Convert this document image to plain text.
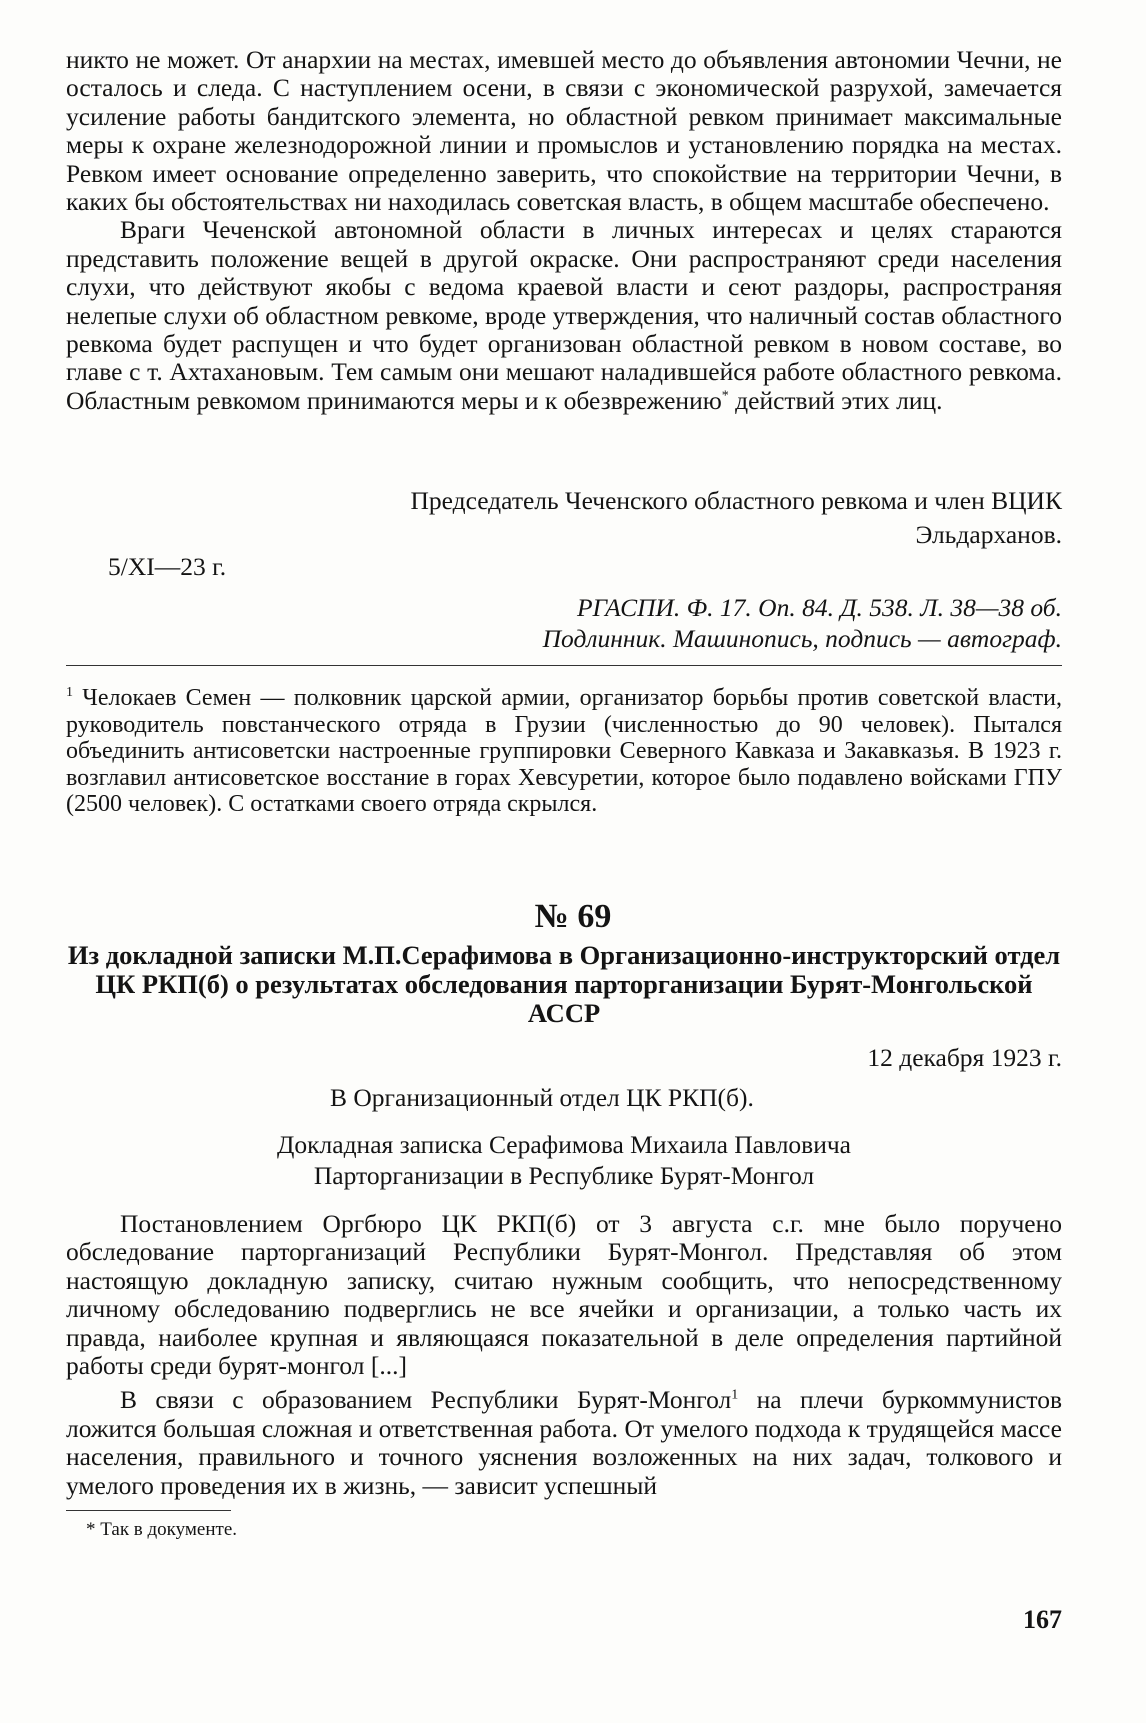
никто не может. От анархии на местах, имевшей место до объявления автономии Чечни, не осталось и следа. С наступлением осени, в связи с экономической разрухой, замечается усиление работы бандитского элемента, но областной ревком принимает максимальные меры к охране железнодорожной линии и промыслов и установлению порядка на местах. Ревком имеет основание определенно заверить, что спокойствие на территории Чечни, в каких бы обстоятельствах ни находилась советская власть, в общем масштабе обеспечено.

Враги Чеченской автономной области в личных интересах и целях стараются представить положение вещей в другой окраске. Они распространяют среди населения слухи, что действуют якобы с ведома краевой власти и сеют раздоры, распространяя нелепые слухи об областном ревкоме, вроде утверждения, что наличный состав областного ревкома будет распущен и что будет организован областной ревком в новом составе, во главе с т. Ахтахановым. Тем самым они мешают наладившейся работе областного ревкома. Областным ревкомом принимаются меры и к обезврежению* действий этих лиц.

Председатель Чеченского областного ревкома и член ВЦИК
Эльдарханов.
5/XI—23 г.
РГАСПИ. Ф. 17. Оп. 84. Д. 538. Л. 38—38 об.
Подлинник. Машинопись, подпись — автограф.

$^1$ Челокаев Семен — полковник царской армии, организатор борьбы против советской власти, руководитель повстанческого отряда в Грузии (численностью до 90 человек). Пытался объединить антисоветски настроенные группировки Северного Кавказа и Закавказья. В 1923 г. возглавил антисоветское восстание в горах Хевсуретии, которое было подавлено войсками ГПУ (2500 человек). С остатками своего отряда скрылся.

№ 69
Из докладной записки М.П.Серафимова в Организационно-инструкторский отдел ЦК РКП(б) о результатах обследования парторганизации Бурят-Монгольской АССР
12 декабря 1923 г.
В Организационный отдел ЦК РКП(б).
Докладная записка Серафимова Михаила Павловича
Парторганизации в Республике Бурят-Монгол

Постановлением Оргбюро ЦК РКП(б) от 3 августа с.г. мне было поручено обследование парторганизаций Республики Бурят-Монгол. Представляя об этом настоящую докладную записку, считаю нужным сообщить, что непосредственному личному обследованию подверглись не все ячейки и организации, а только часть их правда, наиболее крупная и являющаяся показательной в деле определения партийной работы среди бурят-монгол [...]

В связи с образованием Республики Бурят-Монгол$^1$ на плечи буркоммунистов ложится большая сложная и ответственная работа. От умелого подхода к трудящейся массе населения, правильного и точного уяснения возложенных на них задач, толкового и умелого проведения их в жизнь, — зависит успешный

* Так в документе.
167
